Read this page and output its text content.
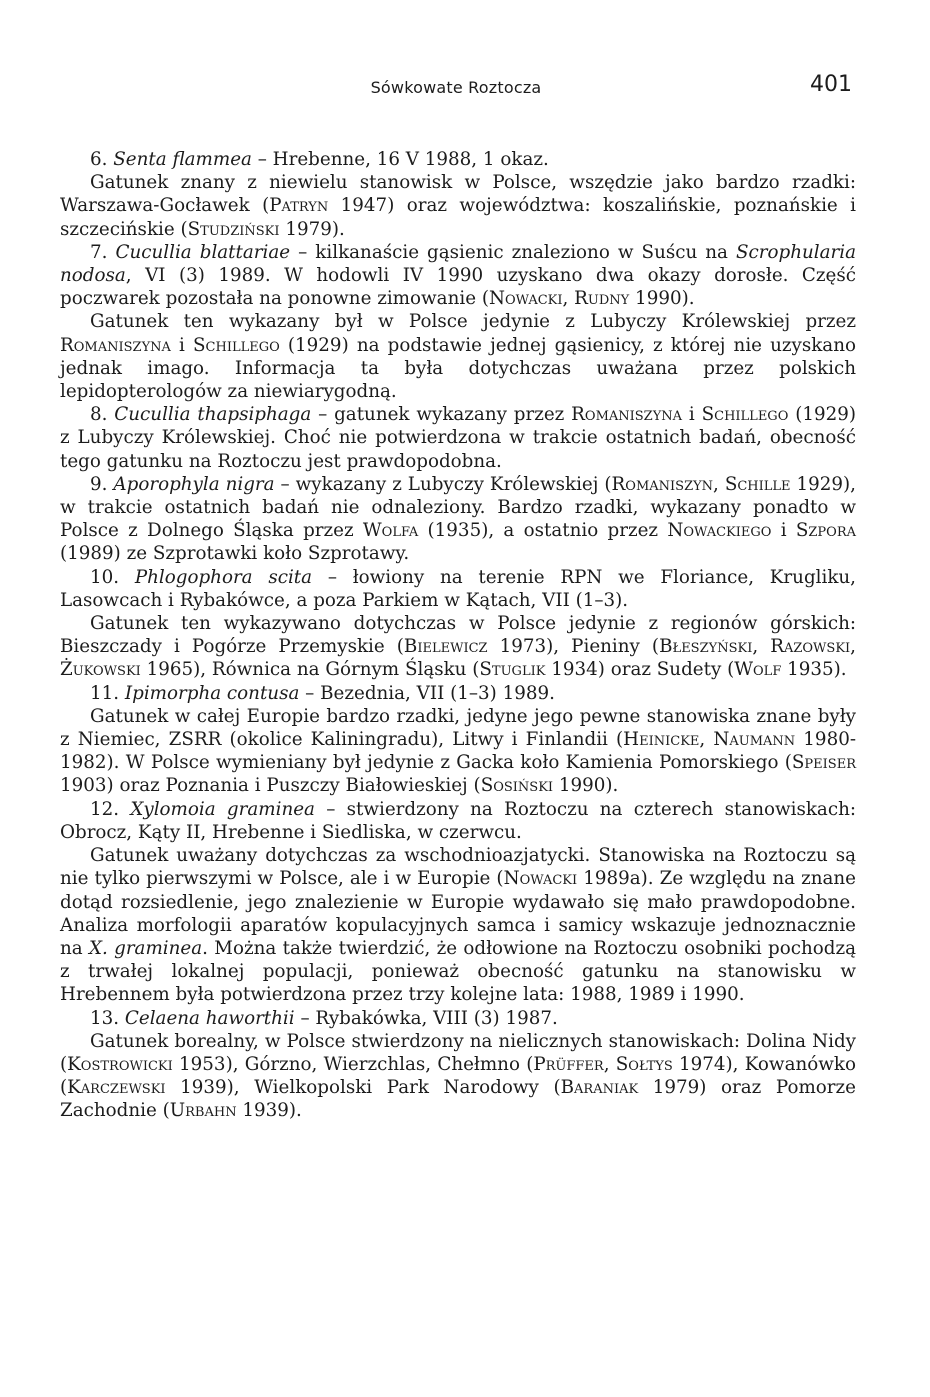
Sówkowate Roztocza	401

6. Senta flammea – Hrebenne, 16 V 1988, 1 okaz.

Gatunek znany z niewielu stanowisk w Polsce, wszędzie jako bardzo rzadki: Warszawa-Gocławek (Patryn 1947) oraz województwa: koszalińskie, poznańskie i szczecińskie (Studziński 1979).

7. Cucullia blattariae – kilkanaście gąsienic znaleziono w Suścu na Scrophularia nodosa, VI (3) 1989. W hodowli IV 1990 uzyskano dwa okazy dorosłe. Część poczwarek pozostała na ponowne zimowanie (Nowacki, Rudny 1990).

Gatunek ten wykazany był w Polsce jedynie z Lubyczy Królewskiej przez Romaniszyna i Schillego (1929) na podstawie jednej gąsienicy, z której nie uzyskano jednak imago. Informacja ta była dotychczas uważana przez polskich lepidopterologów za niewiarygodną.

8. Cucullia thapsiphaga – gatunek wykazany przez Romaniszyna i Schillego (1929) z Lubyczy Królewskiej. Choć nie potwierdzona w trakcie ostatnich badań, obecność tego gatunku na Roztoczu jest prawdopodobna.

9. Aporophyla nigra – wykazany z Lubyczy Królewskiej (Romaniszyn, Schille 1929), w trakcie ostatnich badań nie odnaleziony. Bardzo rzadki, wykazany ponadto w Polsce z Dolnego Śląska przez Wolfa (1935), a ostatnio przez Nowackiego i Szpora (1989) ze Szprotawki koło Szprotawy.

10. Phlogophora scita – łowiony na terenie RPN we Floriance, Krugliku, Lasowcach i Rybakówce, a poza Parkiem w Kątach, VII (1–3).

Gatunek ten wykazywano dotychczas w Polsce jedynie z regionów górskich: Bieszczady i Pogórze Przemyskie (Bielewicz 1973), Pieniny (Błeszyński, Razowski, Żukowski 1965), Równica na Górnym Śląsku (Stuglik 1934) oraz Sudety (Wolf 1935).

11. Ipimorpha contusa – Bezednia, VII (1–3) 1989.

Gatunek w całej Europie bardzo rzadki, jedyne jego pewne stanowiska znane były z Niemiec, ZSRR (okolice Kaliningradu), Litwy i Finlandii (Heinicke, Naumann 1980-1982). W Polsce wymieniany był jedynie z Gacka koło Kamienia Pomorskiego (Speiser 1903) oraz Poznania i Puszczy Białowieskiej (Sosiński 1990).

12. Xylomoia graminea – stwierdzony na Roztoczu na czterech stanowiskach: Obrocz, Kąty II, Hrebenne i Siedliska, w czerwcu.

Gatunek uważany dotychczas za wschodnioazjatycki. Stanowiska na Roztoczu są nie tylko pierwszymi w Polsce, ale i w Europie (Nowacki 1989a). Ze względu na znane dotąd rozsiedlenie, jego znalezienie w Europie wydawało się mało prawdopodobne. Analiza morfologii aparatów kopulacyjnych samca i samicy wskazuje jednoznacznie na X. graminea. Można także twierdzić, że odłowione na Roztoczu osobniki pochodzą z trwałej lokalnej populacji, ponieważ obecność gatunku na stanowisku w Hrebennem była potwierdzona przez trzy kolejne lata: 1988, 1989 i 1990.

13. Celaena haworthii – Rybakówka, VIII (3) 1987.

Gatunek borealny, w Polsce stwierdzony na nielicznych stanowiskach: Dolina Nidy (Kostrowicki 1953), Górzno, Wierzchlas, Chełmno (Prüffer, Sołtys 1974), Kowanówko (Karczewski 1939), Wielkopolski Park Narodowy (Baraniak 1979) oraz Pomorze Zachodnie (Urbahn 1939).
